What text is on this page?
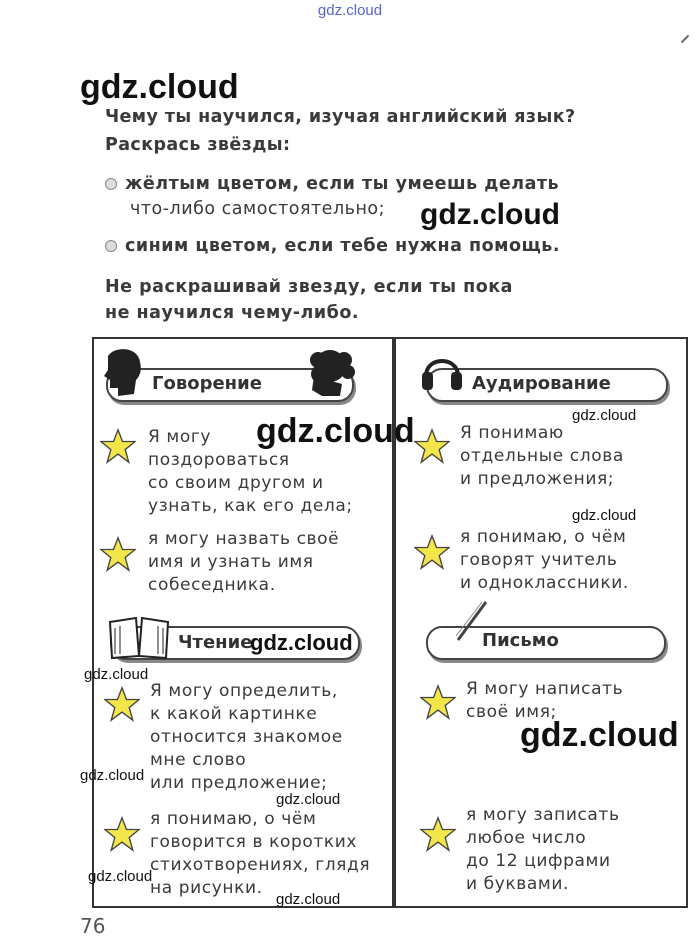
gdz.cloud
gdz.cloud
Чему ты научился, изучая английский язык?
Раскрась звёзды:
жёлтым цветом, если ты умеешь делать
что-либо самостоятельно; gdz.cloud
синим цветом, если тебе нужна помощь.
Не раскрашивай звезду, если ты пока
не научился чему-либо.
Говорение
Я могу
поздороваться
со своим другом и
узнать, как его дела;
gdz.cloud
я могу назвать своё
имя и узнать имя
собеседника.
Аудирование
gdz.cloud
Я понимаю
отдельные слова
и предложения;
gdz.cloud
я понимаю, о чём
говорят учитель
и одноклассники.
Чтение
gdz.cloud
gdz.cloud
Я могу определить,
к какой картинке
относится знакомое
мне слово
или предложение;
gdz.cloud
gdz.cloud
я понимаю, о чём
говорится в коротких
стихотворениях, глядя
на рисунки.
gdz.cloud
gdz.cloud
Письмо
Я могу написать
своё имя;
gdz.cloud
я могу записать
любое число
до 12 цифрами
и буквами.
76
